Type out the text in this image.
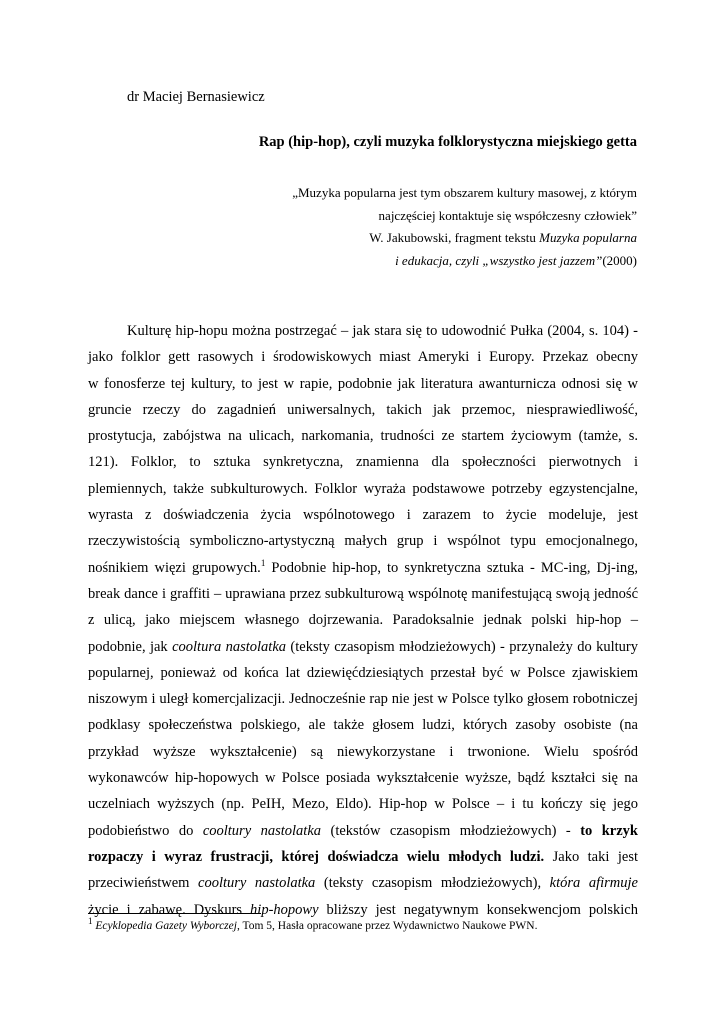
dr Maciej Bernasiewicz
Rap (hip-hop), czyli muzyka folklorystyczna miejskiego getta
„Muzyka popularna jest tym obszarem kultury masowej, z którym
najczęściej kontaktuje się współczesny człowiek”
W. Jakubowski, fragment tekstu Muzyka popularna
i edukacja, czyli „wszystko jest jazzem”(2000)
Kulturę hip-hopu można postrzegać – jak stara się to udowodnić Pułka (2004, s. 104) -
jako folklor gett rasowych i środowiskowych miast Ameryki i Europy. Przekaz obecny
w fonosferze tej kultury, to jest w rapie, podobnie jak literatura awanturnicza odnosi się w
gruncie rzeczy do zagadnień uniwersalnych, takich jak przemoc, niesprawiedliwość,
prostytucja, zabójstwa na ulicach, narkomania, trudności ze startem życiowym (tamże, s.
121). Folklor, to sztuka synkretyczna, znamienna dla społeczności pierwotnych i
plemiennych, także subkulturowych. Folklor wyraża podstawowe potrzeby egzystencjalne,
wyrasta z doświadczenia życia wspólnotowego i zarazem to życie modeluje, jest
rzeczywistością symboliczno-artystyczną małych grup i wspólnot typu emocjonalnego,
nośnikiem więzi grupowych.$^1$ Podobnie hip-hop, to synkretyczna sztuka - MC-ing, Dj-ing,
break dance i graffiti – uprawiana przez subkulturową wspólnotę manifestującą swoją jedność
z ulicą, jako miejscem własnego dojrzewania. Paradoksalnie jednak polski hip-hop –
podobnie, jak cooltura nastolatka (teksty czasopism młodzieżowych) - przynależy do kultury
popularnej, ponieważ od końca lat dziewięćdziesiątych przestał być w Polsce zjawiskiem
niszowym i uległ komercjalizacji. Jednocześnie rap nie jest w Polsce tylko głosem robotniczej
podklasy społeczeństwa polskiego, ale także głosem ludzi, których zasoby osobiste (na
przykład wyższe wykształcenie) są niewykorzystane i trwonione. Wielu spośród
wykonawców hip-hopowych w Polsce posiada wykształcenie wyższe, bądź kształci się na
uczelniach wyższych (np. PeIH, Mezo, Eldo). Hip-hop w Polsce – i tu kończy się jego
podobieństwo do cooltury nastolatka (tekstów czasopism młodzieżowych) - to krzyk
rozpaczy i wyraz frustracji, której doświadcza wielu młodych ludzi. Jako taki jest
przeciwieństwem cooltury nastolatka (teksty czasopism młodzieżowych), która afirmuje
życie i zabawę. Dyskurs hip-hopowy bliższy jest negatywnym konsekwencjom polskich
$^1$ Ecyklopedia Gazety Wyborczej, Tom 5, Hasła opracowane przez Wydawnictwo Naukowe PWN.
